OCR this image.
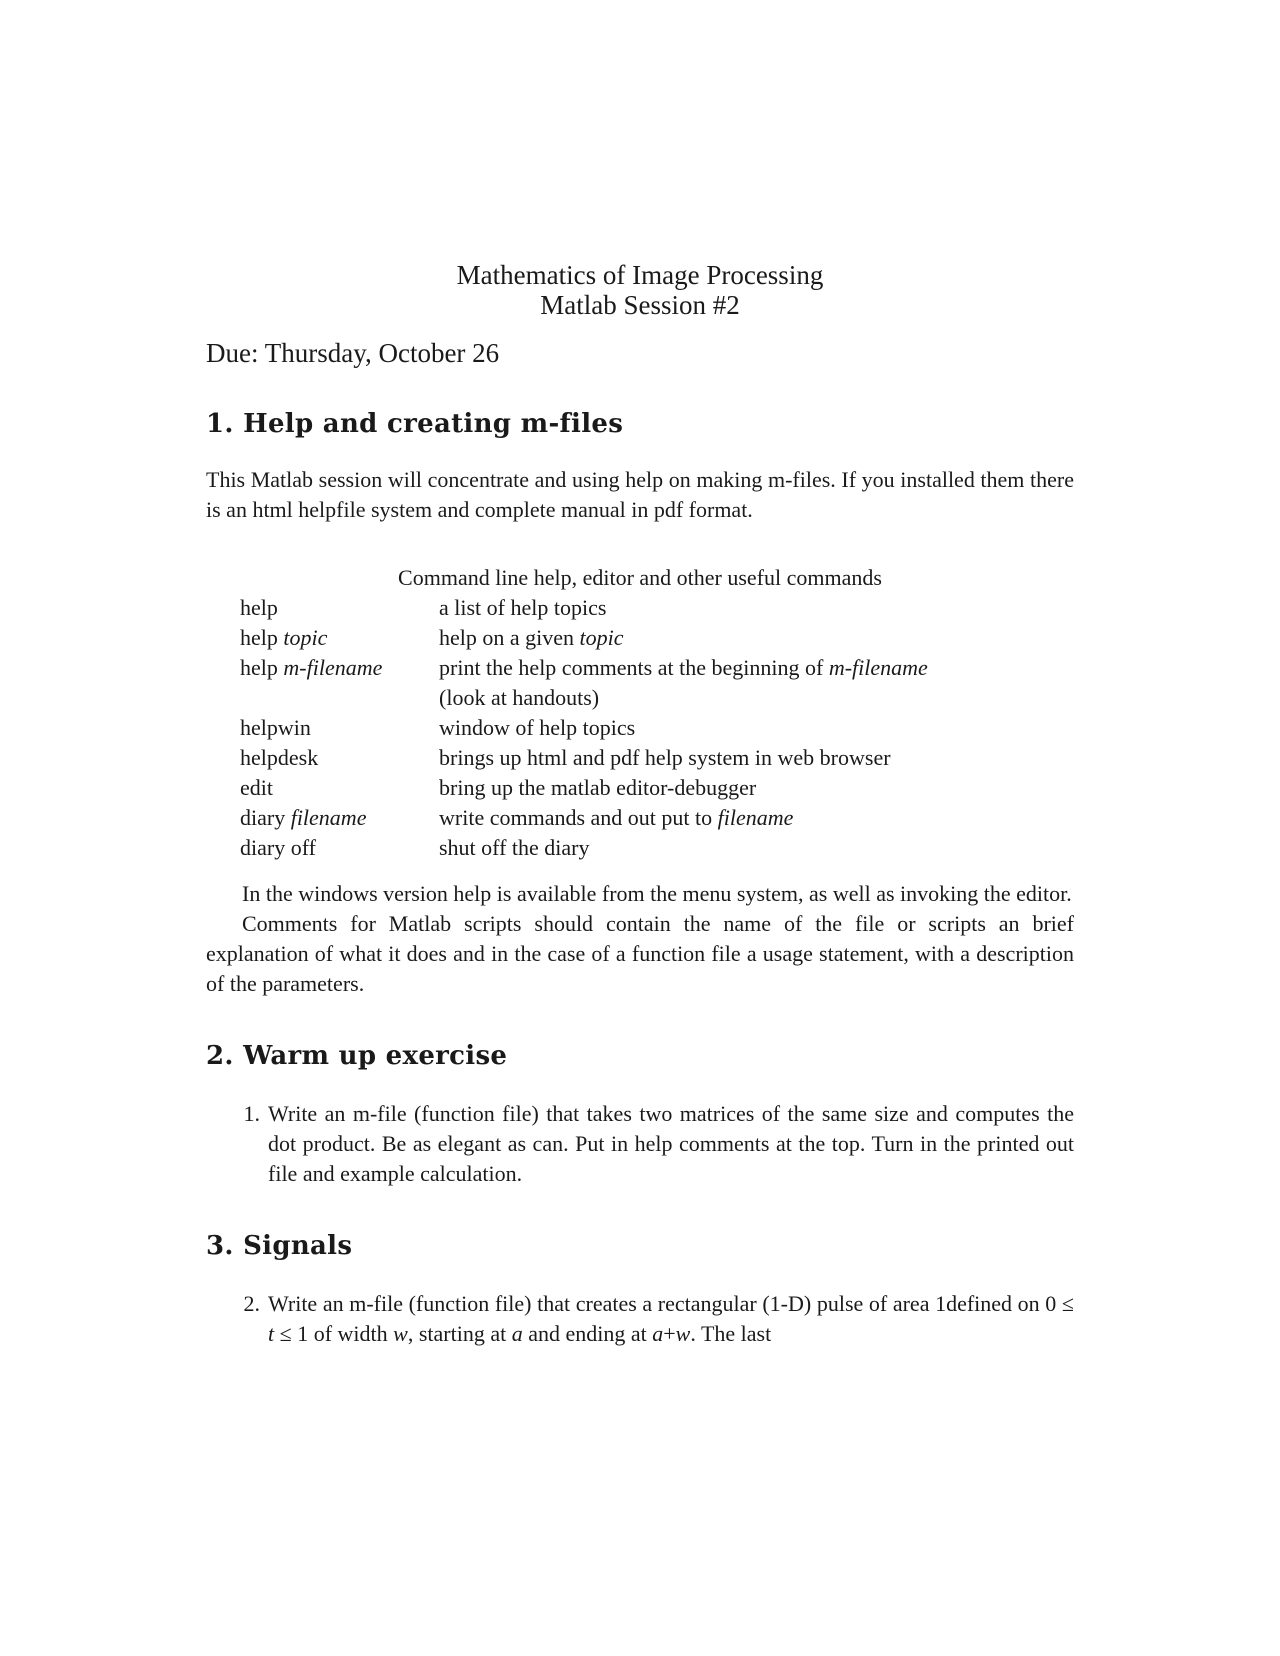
Mathematics of Image Processing
Matlab Session #2
Due: Thursday, October 26
1. Help and creating m-files

This Matlab session will concentrate and using help on making m-files. If you installed them there is an html helpfile system and complete manual in pdf format.

Command line help, editor and other useful commands
help	a list of help topics
help topic	help on a given topic
help m-filename	print the help comments at the beginning of m-filename
(look at handouts)
helpwin	window of help topics
helpdesk	brings up html and pdf help system in web browser
edit	bring up the matlab editor-debugger
diary filename	write commands and out put to filename
diary off	shut off the diary

In the windows version help is available from the menu system, as well as invoking the editor.

Comments for Matlab scripts should contain the name of the file or scripts an brief explanation of what it does and in the case of a function file a usage statement, with a description of the parameters.

2. Warm up exercise
1. Write an m-file (function file) that takes two matrices of the same size and computes the dot product. Be as elegant as can. Put in help comments at the top. Turn in the printed out file and example calculation.
3. Signals
2. Write an m-file (function file) that creates a rectangular (1-D) pulse of area 1defined on 0 ≤ t ≤ 1 of width w, starting at a and ending at a+w. The last
